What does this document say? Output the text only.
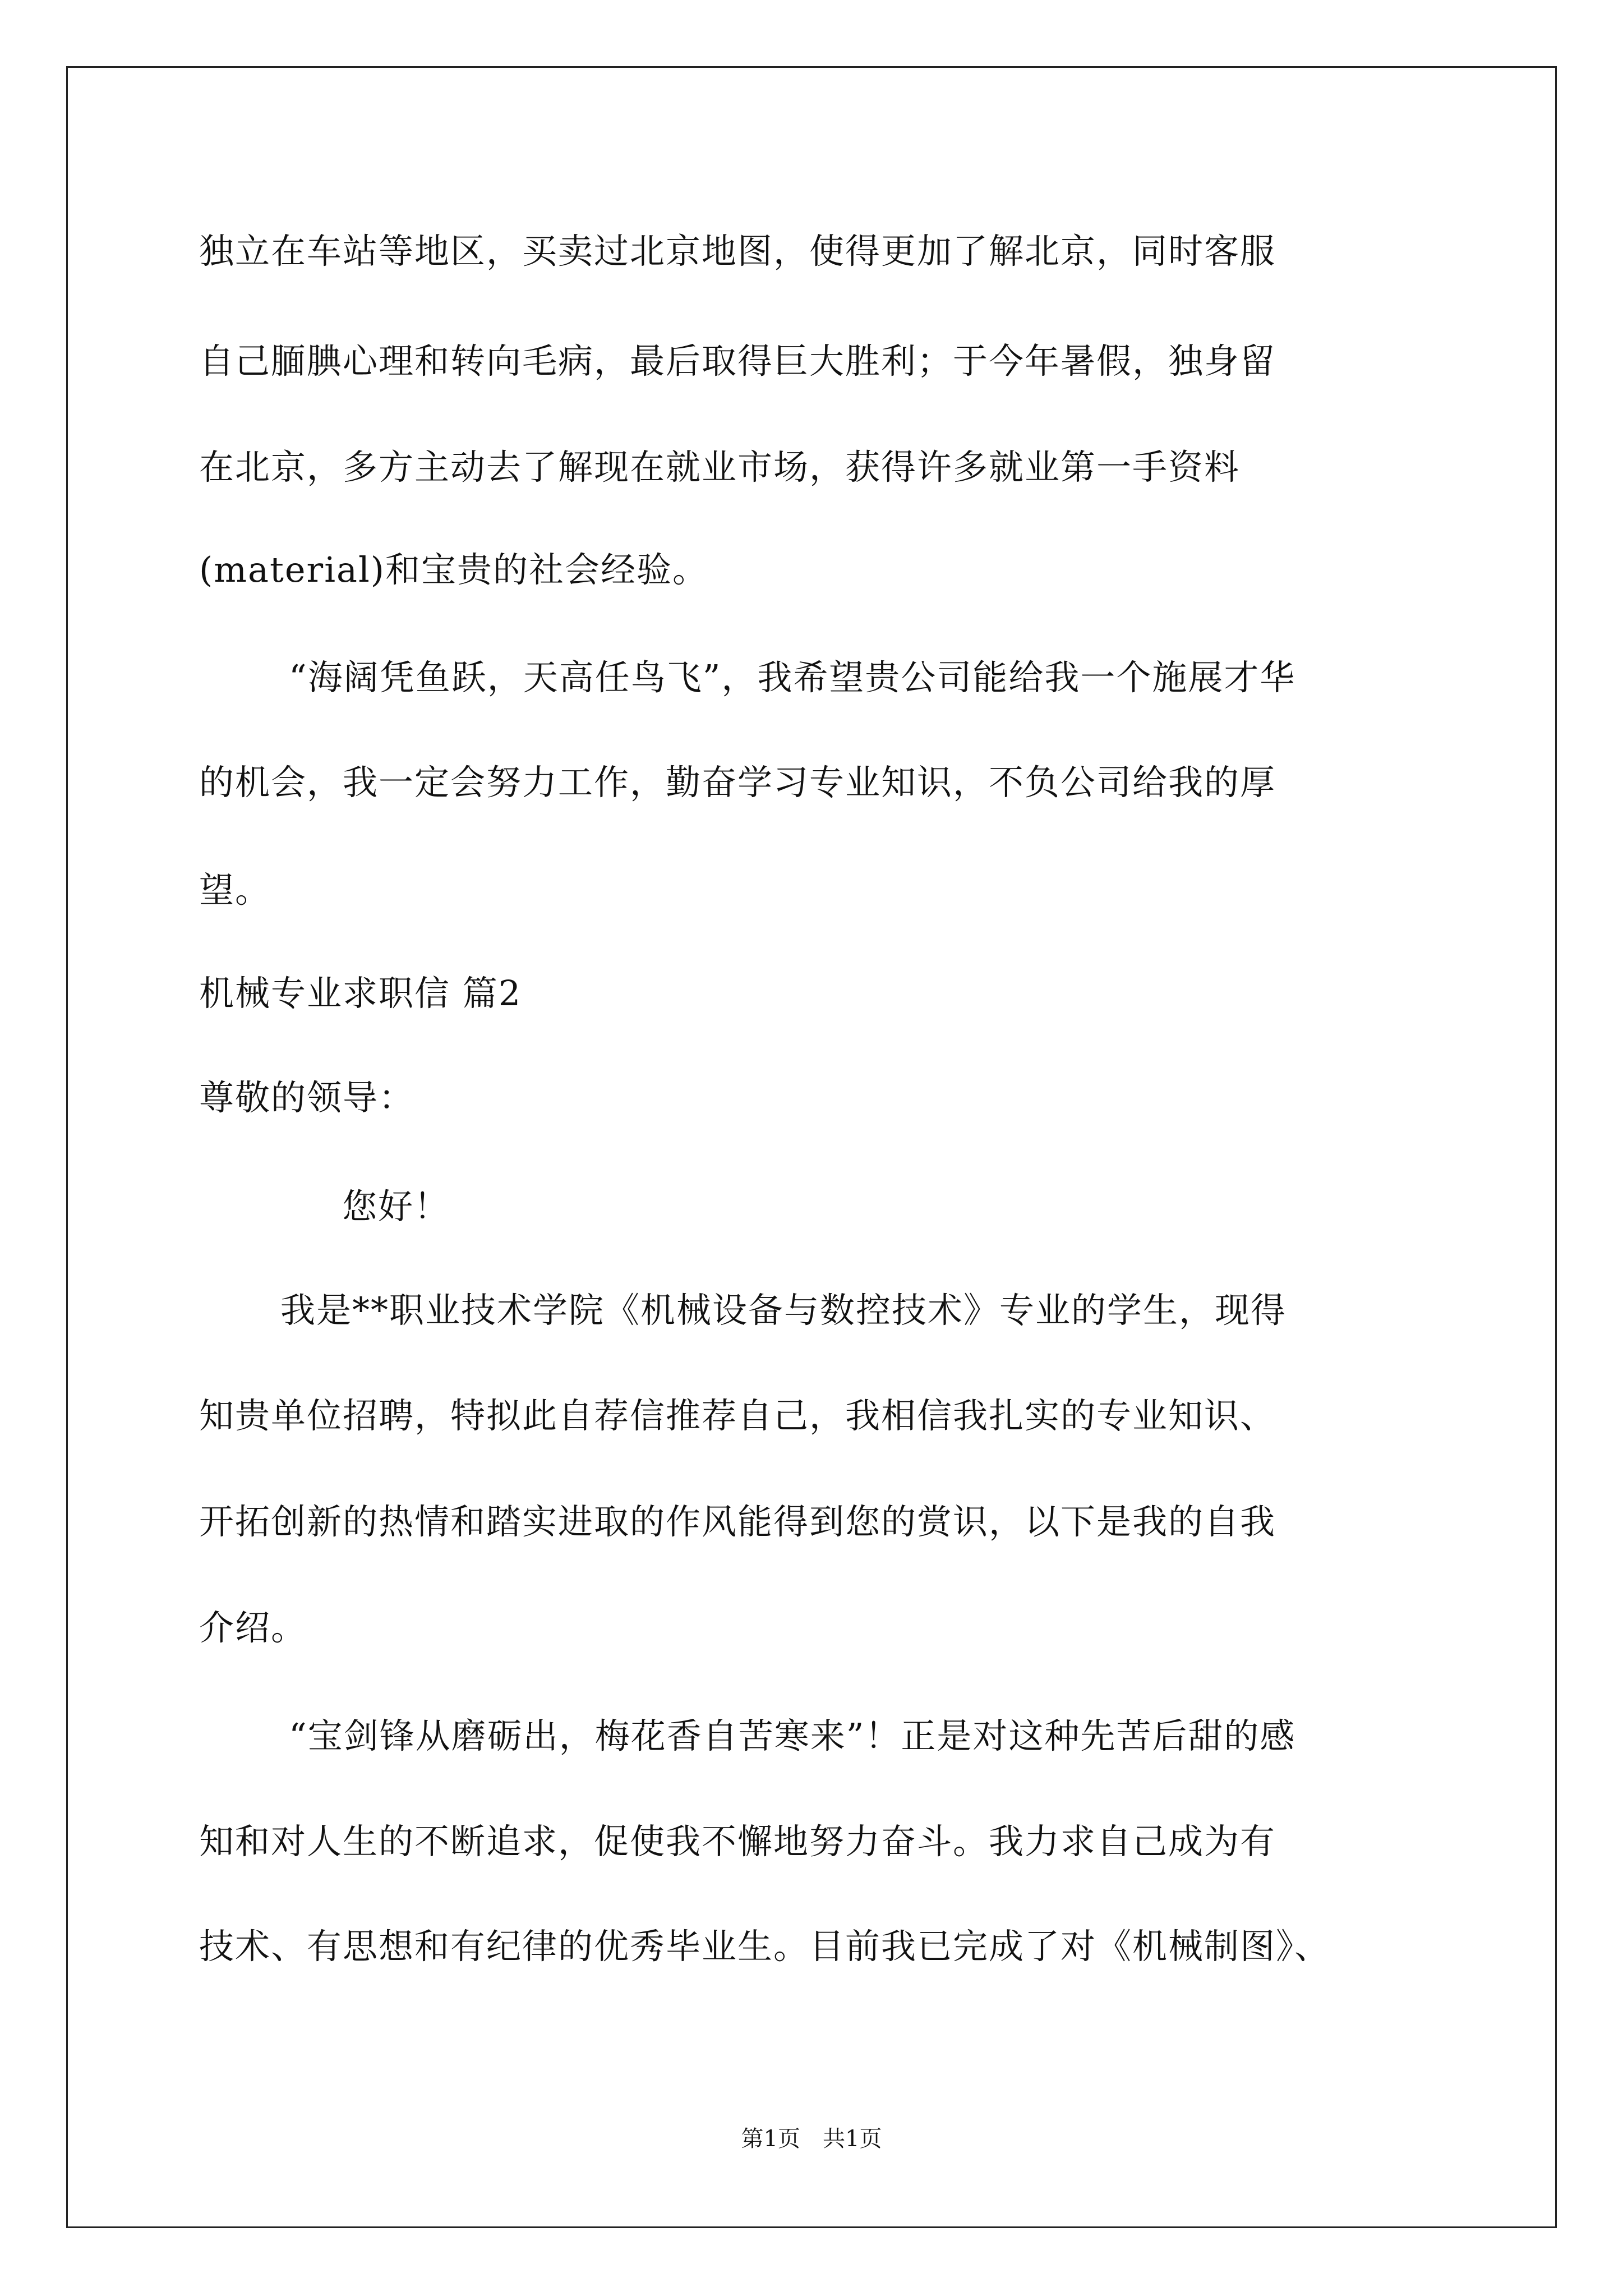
独立在车站等地区，买卖过北京地图，使得更加了解北京，同时客服
自己腼腆心理和转向毛病，最后取得巨大胜利；于今年暑假，独身留
在北京，多方主动去了解现在就业市场，获得许多就业第一手资料
(material)和宝贵的社会经验。
“海阔凭鱼跃，天高任鸟飞”，我希望贵公司能给我一个施展才华
的机会，我一定会努力工作，勤奋学习专业知识，不负公司给我的厚
望。
机械专业求职信 篇2
尊敬的领导：
您好！
我是**职业技术学院《机械设备与数控技术》专业的学生，现得
知贵单位招聘，特拟此自荐信推荐自己，我相信我扎实的专业知识、
开拓创新的热情和踏实进取的作风能得到您的赏识，以下是我的自我
介绍。
“宝剑锋从磨砺出，梅花香自苦寒来”！正是对这种先苦后甜的感
知和对人生的不断追求，促使我不懈地努力奋斗。我力求自己成为有
技术、有思想和有纪律的优秀毕业生。目前我已完成了对《机械制图》、
第1页　共1页
